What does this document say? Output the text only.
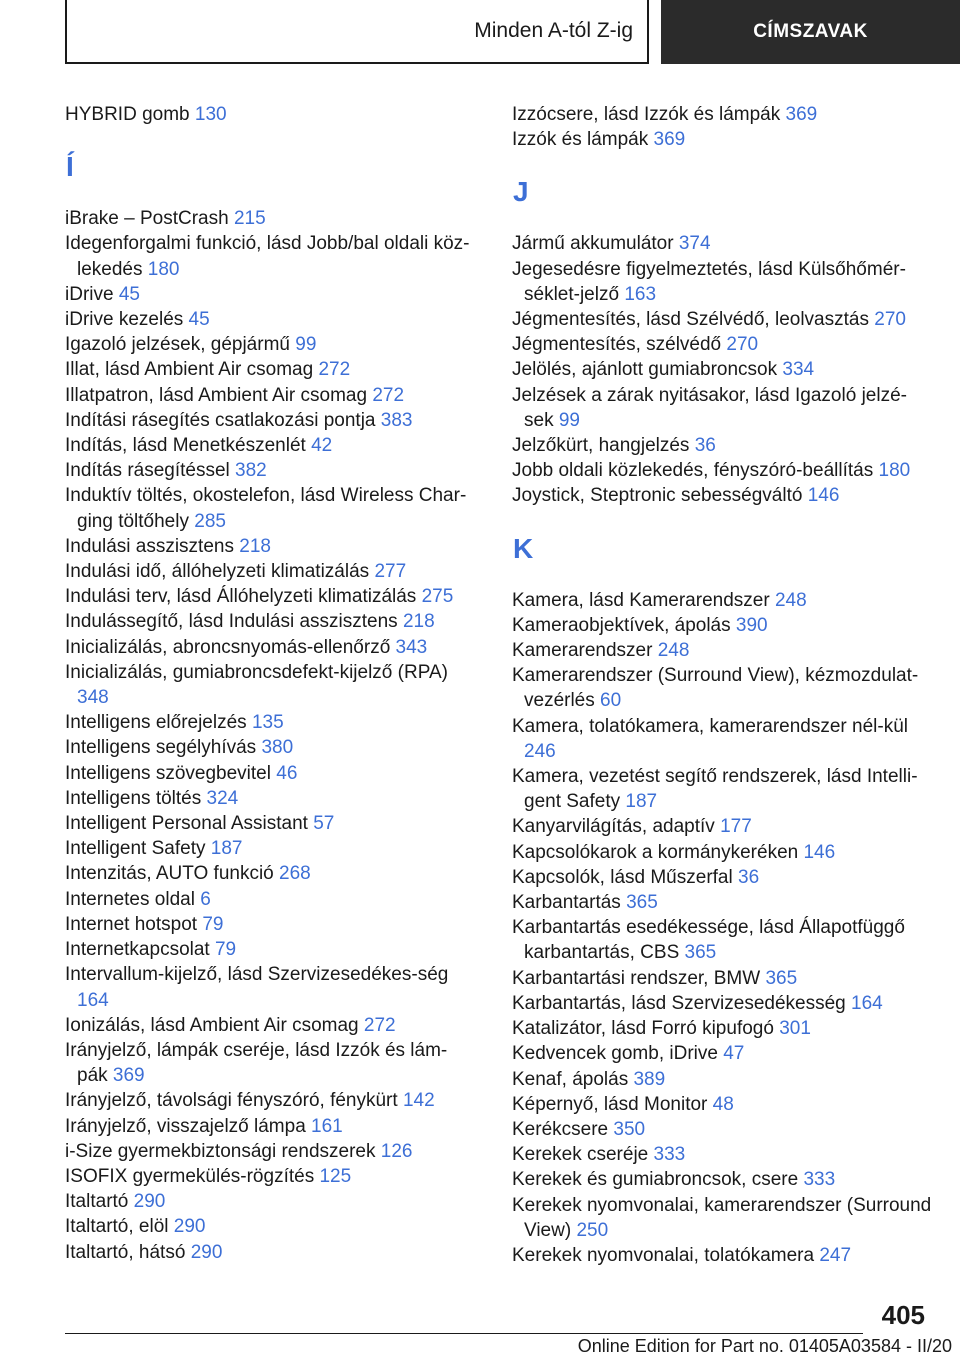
Minden A-tól Z-ig	CÍMSZAVAK
HYBRID gomb 130
Í
iBrake – PostCrash 215
Idegenforgalmi funkció, lásd Jobb/bal oldali köz-lekedés 180
iDrive 45
iDrive kezelés 45
Igazoló jelzések, gépjármű 99
Illat, lásd Ambient Air csomag 272
Illatpatron, lásd Ambient Air csomag 272
Indítási rásegítés csatlakozási pontja 383
Indítás, lásd Menetkészenlét 42
Indítás rásegítéssel 382
Induktív töltés, okostelefon, lásd Wireless Char-ging töltőhely 285
Indulási asszisztens 218
Indulási idő, állóhelyzeti klimatizálás 277
Indulási terv, lásd Állóhelyzeti klimatizálás 275
Indulássegítő, lásd Indulási asszisztens 218
Inicializálás, abroncsnyomás-ellenőrző 343
Inicializálás, gumiabroncsdefekt-kijelző (RPA) 348
Intelligens előrejelzés 135
Intelligens segélyhívás 380
Intelligens szövegbevitel 46
Intelligens töltés 324
Intelligent Personal Assistant 57
Intelligent Safety 187
Intenzitás, AUTO funkció 268
Internetes oldal 6
Internet hotspot 79
Internetkapcsolat 79
Intervallum-kijelző, lásd Szervizesedékes-ség 164
Ionizálás, lásd Ambient Air csomag 272
Irányjelző, lámpák cseréje, lásd Izzók és lám-pák 369
Irányjelző, távolsági fényszóró, fénykürt 142
Irányjelző, visszajelző lámpa 161
i-Size gyermekbiztonsági rendszerek 126
ISOFIX gyermekülés-rögzítés 125
Italtartó 290
Italtartó, elöl 290
Italtartó, hátsó 290
Izzócsere, lásd Izzók és lámpák 369
Izzók és lámpák 369
J
Jármű akkumulátor 374
Jegesedésre figyelmeztetés, lásd Külsőhőmér-séklet-jelző 163
Jégmentesítés, lásd Szélvédő, leolvasztás 270
Jégmentesítés, szélvédő 270
Jelölés, ajánlott gumiabroncsok 334
Jelzések a zárak nyitásakor, lásd Igazoló jelzé-sek 99
Jelzőkürt, hangjelzés 36
Jobb oldali közlekedés, fényszóró-beállítás 180
Joystick, Steptronic sebességváltó 146
K
Kamera, lásd Kamerarendszer 248
Kameraobjektívek, ápolás 390
Kamerarendszer 248
Kamerarendszer (Surround View), kézmozdulat-vezérlés 60
Kamera, tolatókamera, kamerarendszer nél-kül 246
Kamera, vezetést segítő rendszerek, lásd Intelli-gent Safety 187
Kanyarvilágítás, adaptív 177
Kapcsolókarok a kormánykeréken 146
Kapcsolók, lásd Műszerfal 36
Karbantartás 365
Karbantartás esedékessége, lásd Állapotfüggő karbantartás, CBS 365
Karbantartási rendszer, BMW 365
Karbantartás, lásd Szervizesedékesség 164
Katalizátor, lásd Forró kipufogó 301
Kedvencek gomb, iDrive 47
Kenaf, ápolás 389
Képernyő, lásd Monitor 48
Kerékcsere 350
Kerekek cseréje 333
Kerekek és gumiabroncsok, csere 333
Kerekek nyomvonalai, kamerarendszer (Surround View) 250
Kerekek nyomvonalai, tolatókamera 247
405
Online Edition for Part no. 01405A03584 - II/20
